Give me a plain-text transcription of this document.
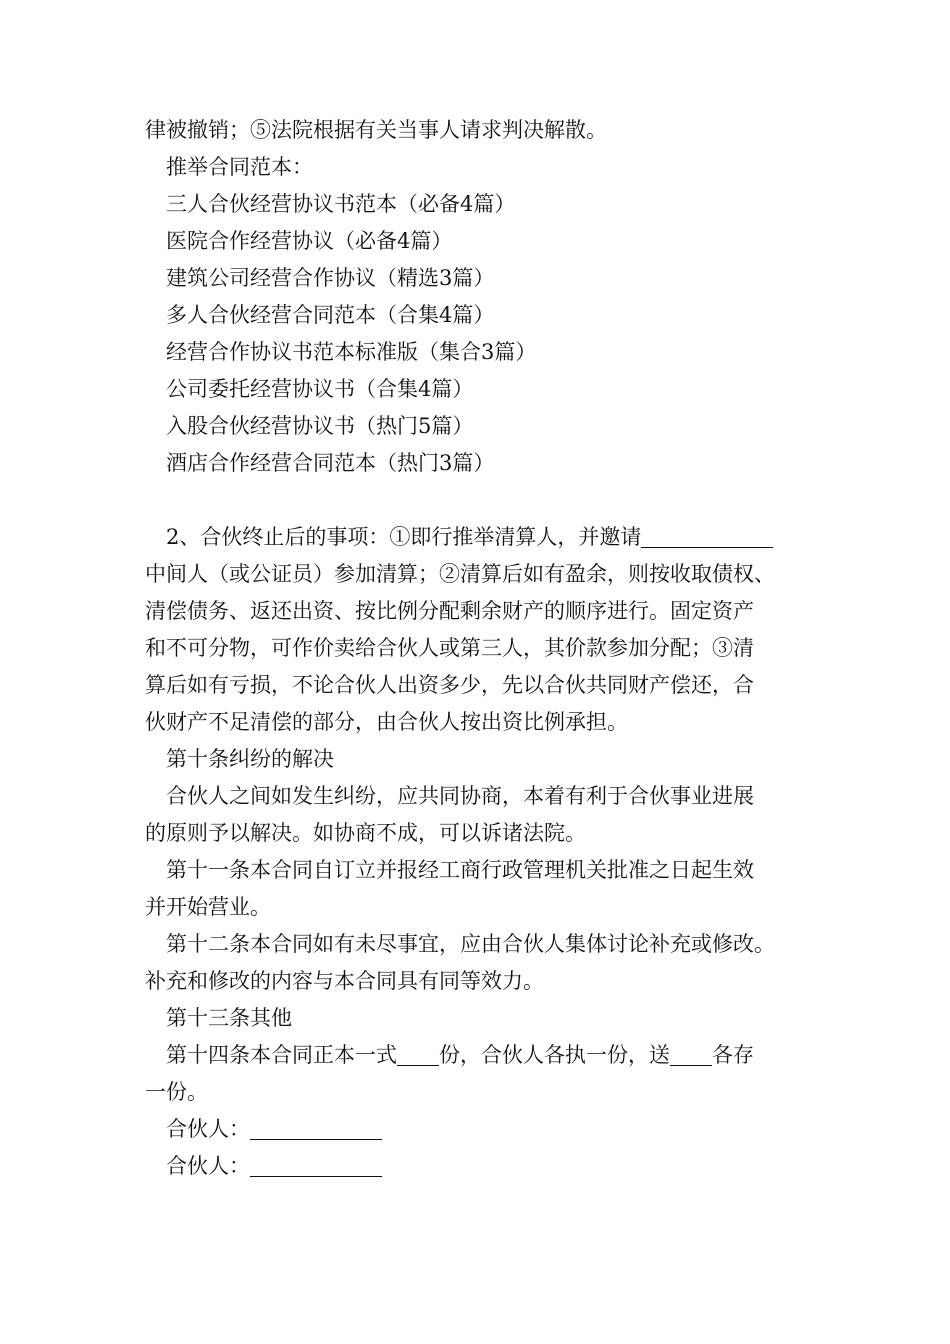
律被撤销；⑤法院根据有关当事人请求判决解散。

推举合同范本：

三人合伙经营协议书范本（必备4篇）

医院合作经营协议（必备4篇）

建筑公司经营合作协议（精选3篇）

多人合伙经营合同范本（合集4篇）

经营合作协议书范本标准版（集合3篇）

公司委托经营协议书（合集4篇）

入股合伙经营协议书（热门5篇）

酒店合作经营合同范本（热门3篇）

2、合伙终止后的事项：①即行推举清算人，并邀请

中间人（或公证员）参加清算；②清算后如有盈余，则按收取债权、

清偿债务、返还出资、按比例分配剩余财产的顺序进行。固定资产

和不可分物，可作价卖给合伙人或第三人，其价款参加分配；③清

算后如有亏损，不论合伙人出资多少，先以合伙共同财产偿还，合

伙财产不足清偿的部分，由合伙人按出资比例承担。

第十条纠纷的解决

合伙人之间如发生纠纷，应共同协商，本着有利于合伙事业进展

的原则予以解决。如协商不成，可以诉诸法院。

第十一条本合同自订立并报经工商行政管理机关批准之日起生效

并开始营业。

第十二条本合同如有未尽事宜，应由合伙人集体讨论补充或修改。

补充和修改的内容与本合同具有同等效力。

第十三条其他

第十四条本合同正本一式 份，合伙人各执一份，送 各存

一份。

合伙人：

合伙人：
